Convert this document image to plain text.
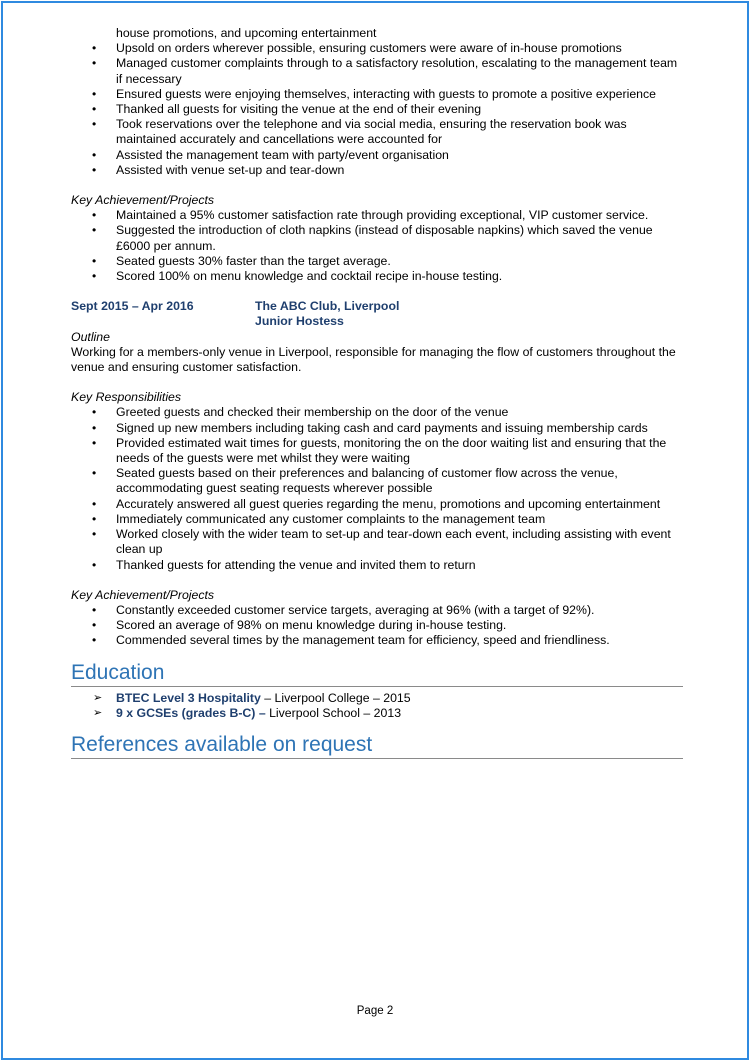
house promotions, and upcoming entertainment
• Upsold on orders wherever possible, ensuring customers were aware of in-house promotions
• Managed customer complaints through to a satisfactory resolution, escalating to the management team if necessary
• Ensured guests were enjoying themselves, interacting with guests to promote a positive experience
• Thanked all guests for visiting the venue at the end of their evening
• Took reservations over the telephone and via social media, ensuring the reservation book was maintained accurately and cancellations were accounted for
• Assisted the management team with party/event organisation
• Assisted with venue set-up and tear-down
Key Achievement/Projects
• Maintained a 95% customer satisfaction rate through providing exceptional, VIP customer service.
• Suggested the introduction of cloth napkins (instead of disposable napkins) which saved the venue £6000 per annum.
• Seated guests 30% faster than the target average.
• Scored 100% on menu knowledge and cocktail recipe in-house testing.
Sept 2015 – Apr 2016	The ABC Club, Liverpool
Junior Hostess
Outline
Working for a members-only venue in Liverpool, responsible for managing the flow of customers throughout the venue and ensuring customer satisfaction.
Key Responsibilities
• Greeted guests and checked their membership on the door of the venue
• Signed up new members including taking cash and card payments and issuing membership cards
• Provided estimated wait times for guests, monitoring the on the door waiting list and ensuring that the needs of the guests were met whilst they were waiting
• Seated guests based on their preferences and balancing of customer flow across the venue, accommodating guest seating requests wherever possible
• Accurately answered all guest queries regarding the menu, promotions and upcoming entertainment
• Immediately communicated any customer complaints to the management team
• Worked closely with the wider team to set-up and tear-down each event, including assisting with event clean up
• Thanked guests for attending the venue and invited them to return
Key Achievement/Projects
• Constantly exceeded customer service targets, averaging at 96% (with a target of 92%).
• Scored an average of 98% on menu knowledge during in-house testing.
• Commended several times by the management team for efficiency, speed and friendliness.
Education
➢ BTEC Level 3 Hospitality – Liverpool College – 2015
➢ 9 x GCSEs (grades B-C) – Liverpool School – 2013
References available on request
Page 2
